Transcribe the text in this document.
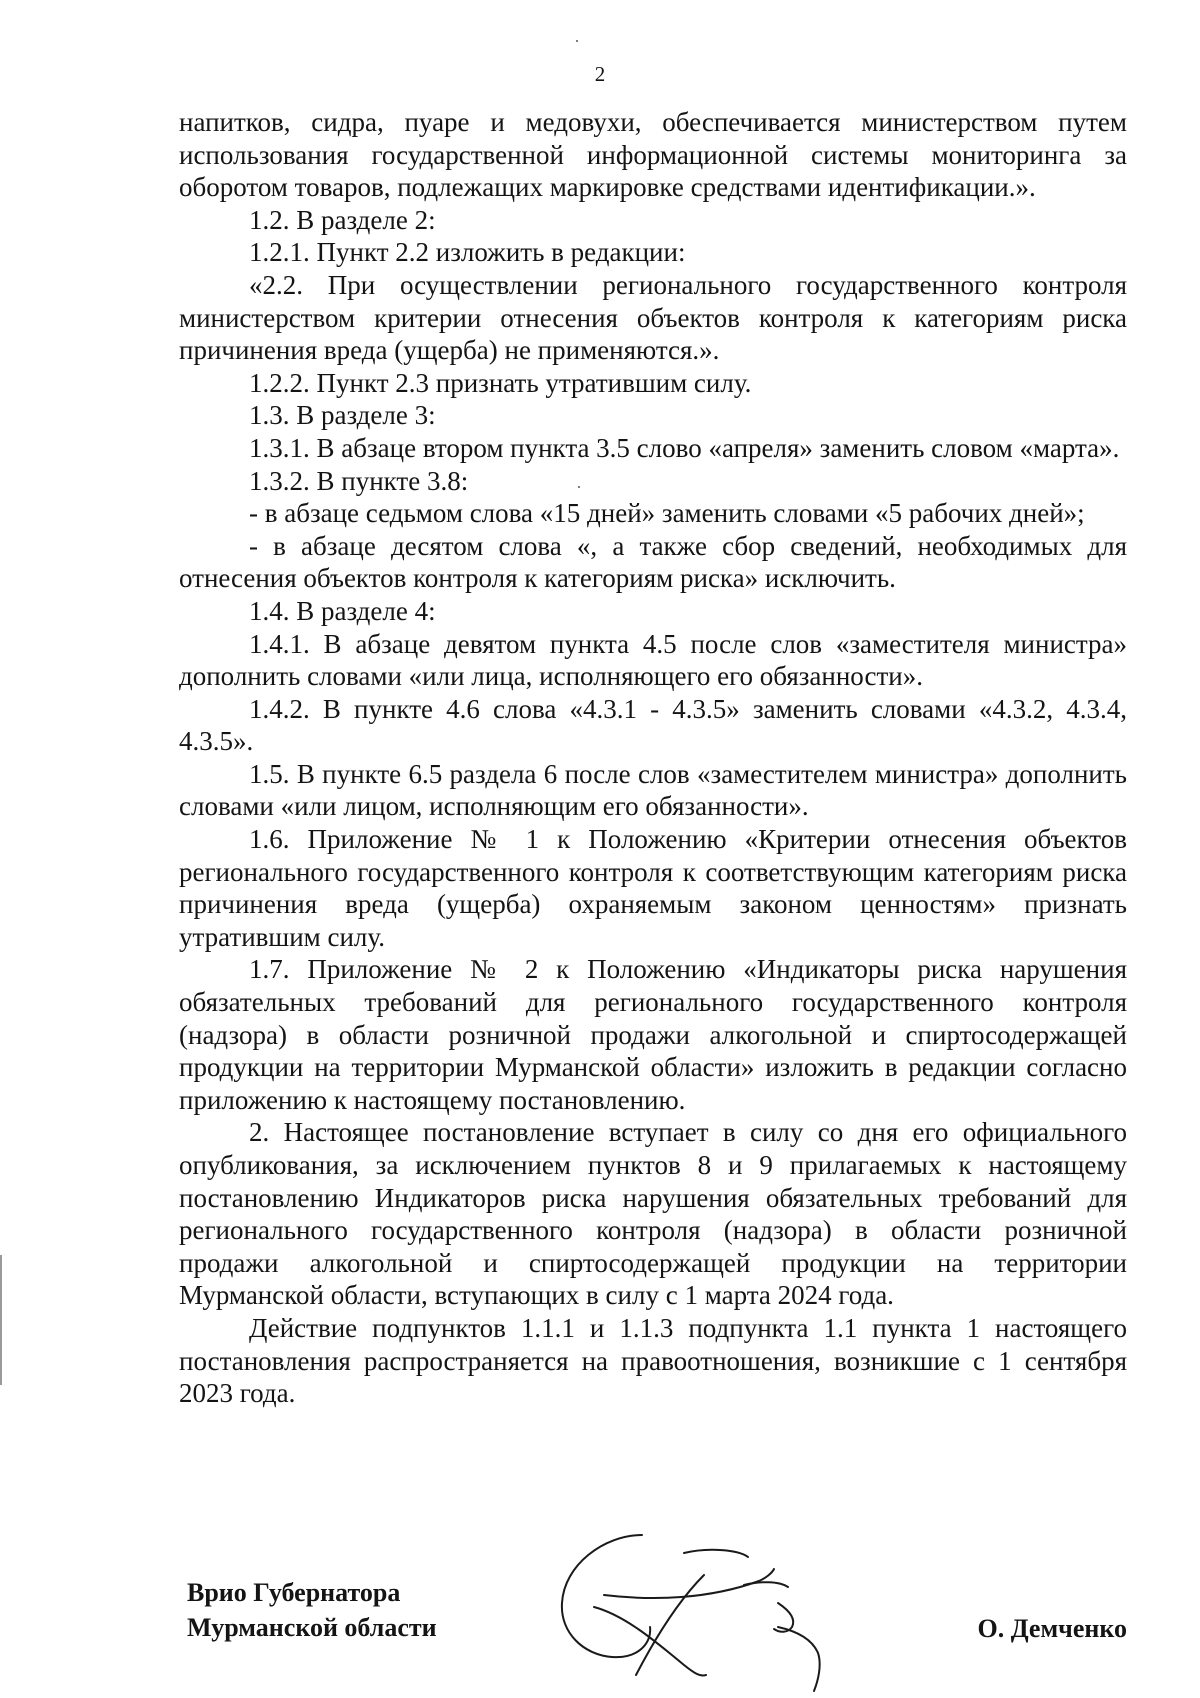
2

напитков, сидра, пуаре и медовухи, обеспечивается министерством путем использования государственной информационной системы мониторинга за оборотом товаров, подлежащих маркировке средствами идентификации.».

1.2. В разделе 2:

1.2.1. Пункт 2.2 изложить в редакции:

«2.2. При осуществлении регионального государственного контроля министерством критерии отнесения объектов контроля к категориям риска причинения вреда (ущерба) не применяются.».

1.2.2. Пункт 2.3 признать утратившим силу.

1.3. В разделе 3:

1.3.1. В абзаце втором пункта 3.5 слово «апреля» заменить словом «марта».

1.3.2. В пункте 3.8:

- в абзаце седьмом слова «15 дней» заменить словами «5 рабочих дней»;

- в абзаце десятом слова «, а также сбор сведений, необходимых для отнесения объектов контроля к категориям риска» исключить.

1.4. В разделе 4:

1.4.1. В абзаце девятом пункта 4.5 после слов «заместителя министра» дополнить словами «или лица, исполняющего его обязанности».

1.4.2. В пункте 4.6 слова «4.3.1 - 4.3.5» заменить словами «4.3.2, 4.3.4, 4.3.5».

1.5. В пункте 6.5 раздела 6 после слов «заместителем министра» дополнить словами «или лицом, исполняющим его обязанности».

1.6. Приложение № 1 к Положению «Критерии отнесения объектов регионального государственного контроля к соответствующим категориям риска причинения вреда (ущерба) охраняемым законом ценностям» признать утратившим силу.

1.7. Приложение № 2 к Положению «Индикаторы риска нарушения обязательных требований для регионального государственного контроля (надзора) в области розничной продажи алкогольной и спиртосодержащей продукции на территории Мурманской области» изложить в редакции согласно приложению к настоящему постановлению.

2. Настоящее постановление вступает в силу со дня его официального опубликования, за исключением пунктов 8 и 9 прилагаемых к настоящему постановлению Индикаторов риска нарушения обязательных требований для регионального государственного контроля (надзора) в области розничной продажи алкогольной и спиртосодержащей продукции на территории Мурманской области, вступающих в силу с 1 марта 2024 года.

Действие подпунктов 1.1.1 и 1.1.3 подпункта 1.1 пункта 1 настоящего постановления распространяется на правоотношения, возникшие с 1 сентября 2023 года.

Врио Губернатора
Мурманской области	О. Демченко
